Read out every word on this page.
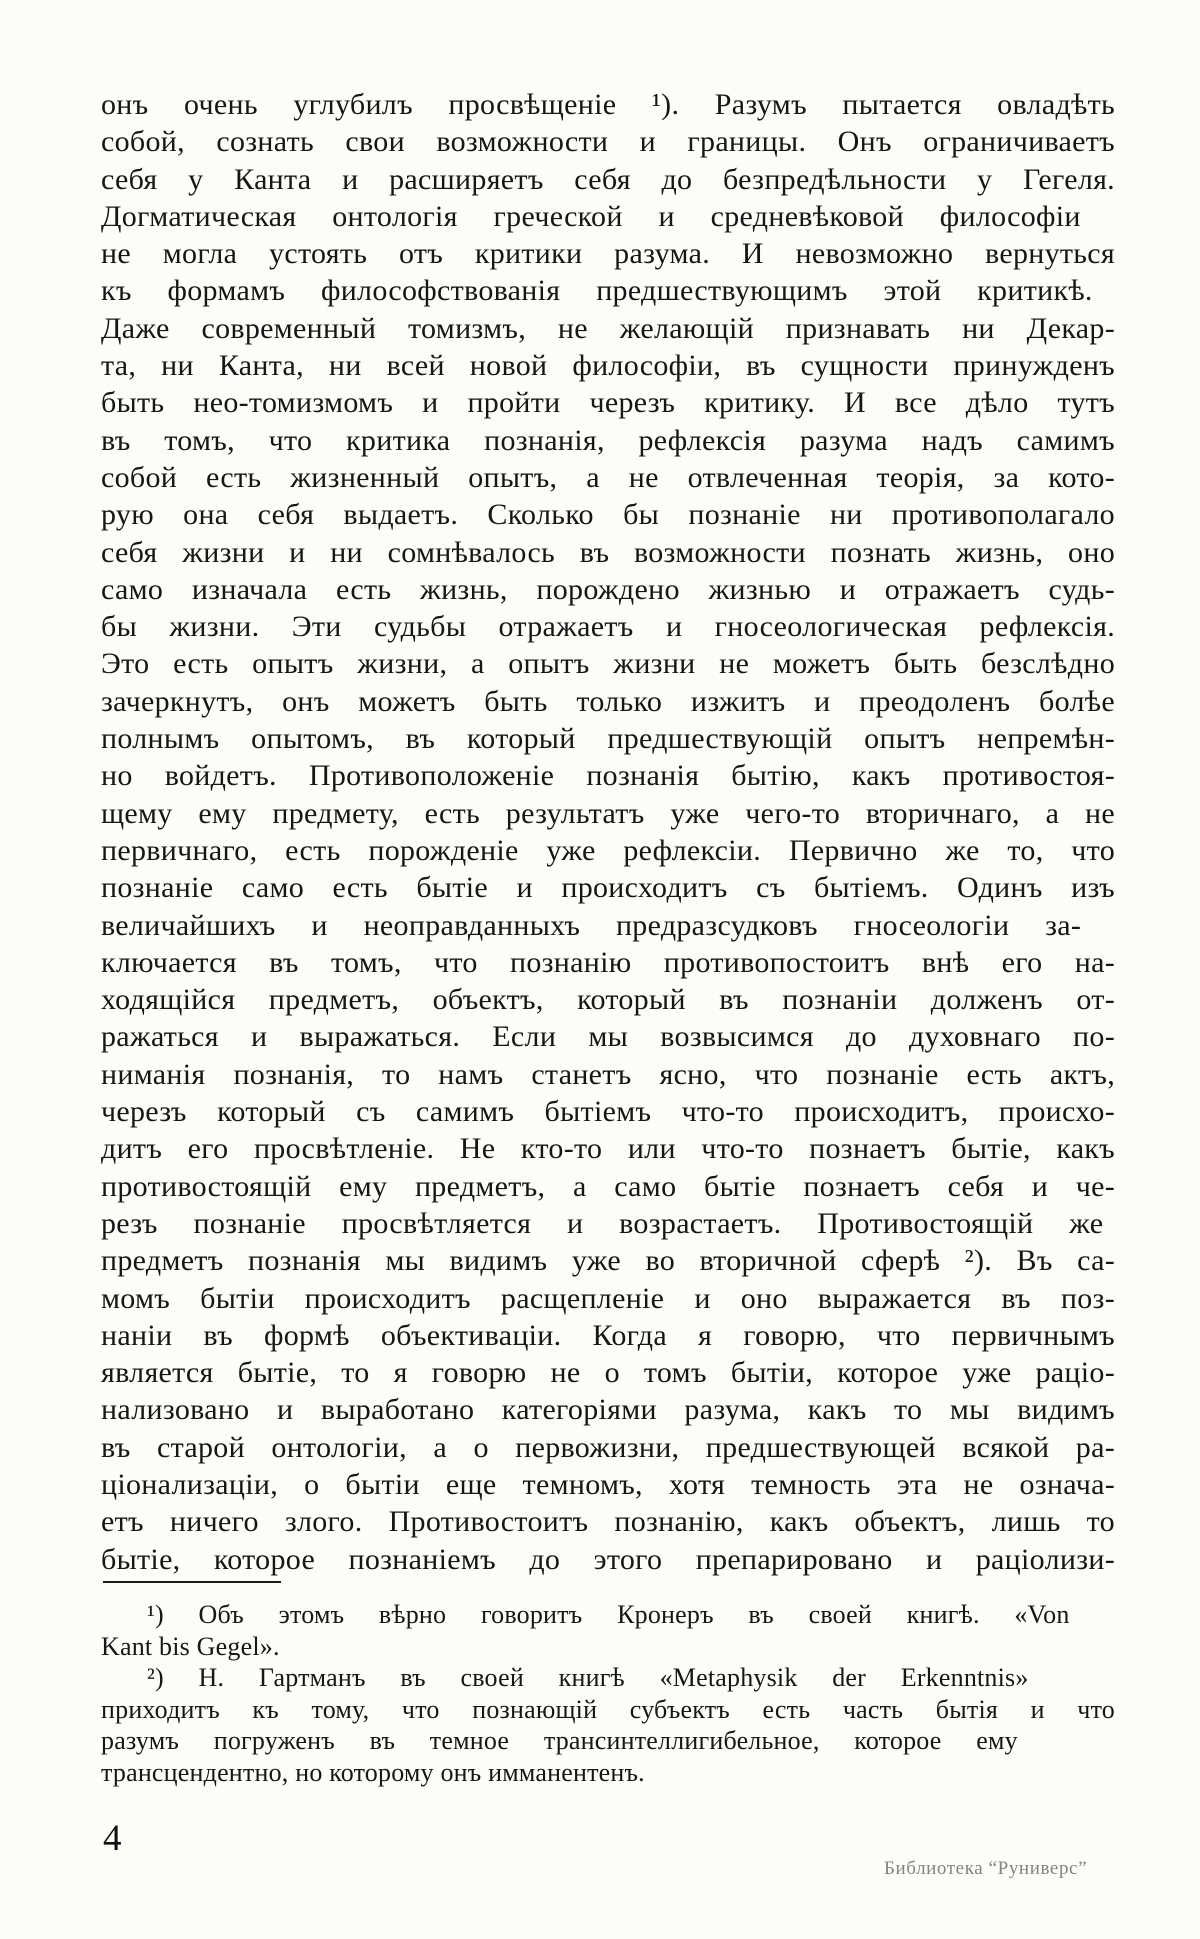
онъ очень углубилъ просвѣщеніе ¹). Разумъ пытается овладѣть
собой, сознать свои возможности и границы. Онъ ограничиваетъ
себя у Канта и расширяетъ себя до безпредѣльности у Гегеля.
Догматическая онтологія греческой и средневѣковой философіи
не могла устоять отъ критики разума. И невозможно вернуться
къ формамъ философствованія предшествующимъ этой критикѣ.
Даже современный томизмъ, не желающій признавать ни Декар-
та, ни Канта, ни всей новой философіи, въ сущности принужденъ
быть нео-томизмомъ и пройти черезъ критику. И все дѣло тутъ
въ томъ, что критика познанія, рефлексія разума надъ самимъ
собой есть жизненный опытъ, а не отвлеченная теорія, за кото-
рую она себя выдаетъ. Сколько бы познаніе ни противополагало
себя жизни и ни сомнѣвалось въ возможности познать жизнь, оно
само изначала есть жизнь, порождено жизнью и отражаетъ судь-
бы жизни. Эти судьбы отражаетъ и гносеологическая рефлексія.
Это есть опытъ жизни, а опытъ жизни не можетъ быть безслѣдно
зачеркнутъ, онъ можетъ быть только изжитъ и преодоленъ болѣе
полнымъ опытомъ, въ который предшествующій опытъ непремѣн-
но войдетъ. Противоположеніе познанія бытію, какъ противостоя-
щему ему предмету, есть результатъ уже чего-то вторичнаго, а не
первичнаго, есть порожденіе уже рефлексіи. Первично же то, что
познаніе само есть бытіе и происходитъ съ бытіемъ. Одинъ изъ
величайшихъ и неоправданныхъ предразсудковъ гносеологіи за-
ключается въ томъ, что познанію противопостоитъ внѣ его на-
ходящійся предметъ, объектъ, который въ познаніи долженъ от-
ражаться и выражаться. Если мы возвысимся до духовнаго по-
ниманія познанія, то намъ станетъ ясно, что познаніе есть актъ,
черезъ который съ самимъ бытіемъ что-то происходитъ, происхо-
дитъ его просвѣтленіе. Не кто-то или что-то познаетъ бытіе, какъ
противостоящій ему предметъ, а само бытіе познаетъ себя и че-
резъ познаніе просвѣтляется и возрастаетъ. Противостоящій же
предметъ познанія мы видимъ уже во вторичной сферѣ ²). Въ са-
момъ бытіи происходитъ расщепленіе и оно выражается въ поз-
наніи въ формѣ объективаціи. Когда я говорю, что первичнымъ
является бытіе, то я говорю не о томъ бытіи, которое уже раціо-
нализовано и выработано категоріями разума, какъ то мы видимъ
въ старой онтологіи, а о первожизни, предшествующей всякой ра-
ціонализаціи, о бытіи еще темномъ, хотя темность эта не означа-
етъ ничего злого. Противостоитъ познанію, какъ объектъ, лишь то
бытіе, которое познаніемъ до этого препарировано и раціолизи-
¹) Объ этомъ вѣрно говоритъ Кронеръ въ своей книгѣ. «Von
Kant bis Gegel».
²) Н. Гартманъ въ своей книгѣ «Metaphysik der Erkenntnis»
приходитъ къ тому, что познающій субъектъ есть часть бытія и что
разумъ погруженъ въ темное трансинтеллигибельное, которое ему
трансцендентно, но которому онъ имманентенъ.
4
Библиотека “Руниверс”
